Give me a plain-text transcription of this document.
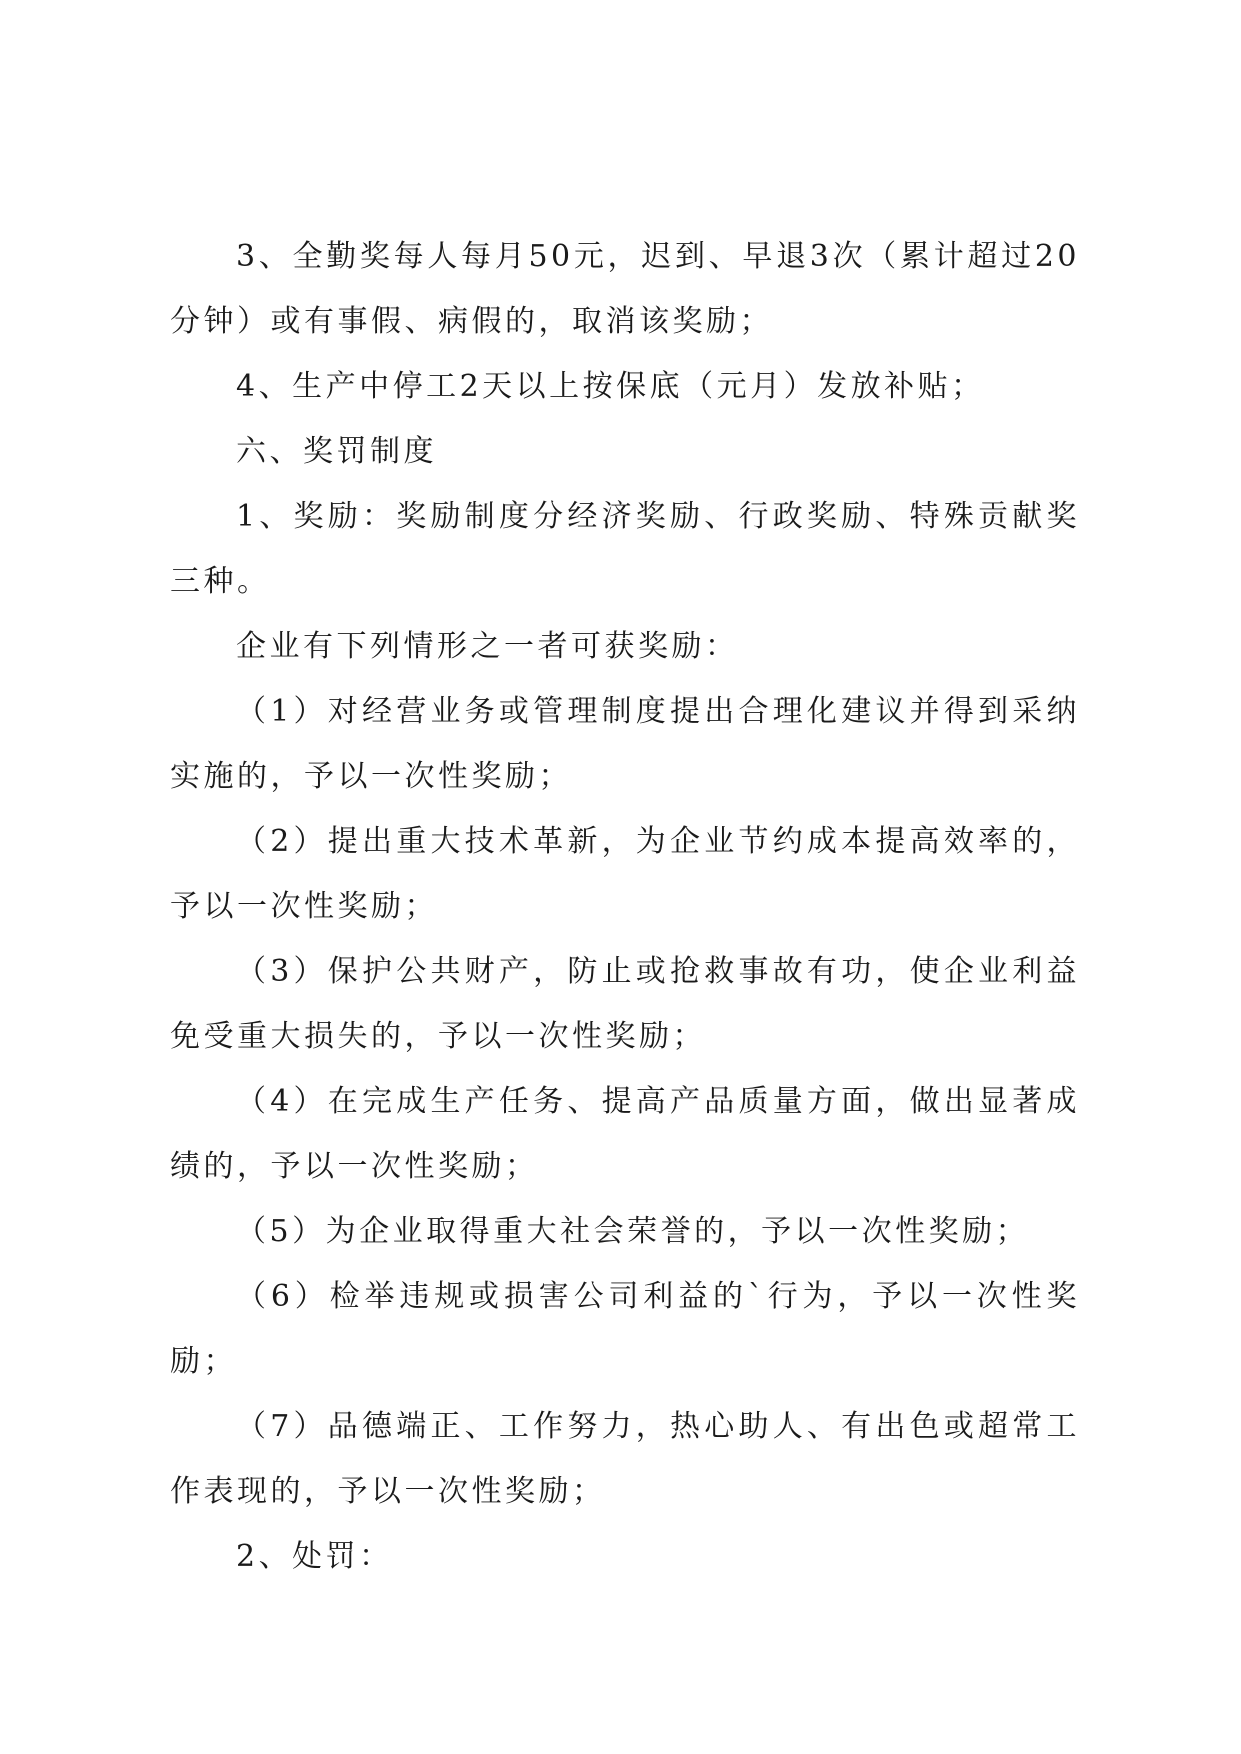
3、全勤奖每人每月50元，迟到、早退3次（累计超过20分钟）或有事假、病假的，取消该奖励；

4、生产中停工2天以上按保底（元月）发放补贴；

六、奖罚制度

1、奖励：奖励制度分经济奖励、行政奖励、特殊贡献奖三种。

企业有下列情形之一者可获奖励：

（1）对经营业务或管理制度提出合理化建议并得到采纳实施的，予以一次性奖励；

（2）提出重大技术革新，为企业节约成本提高效率的，予以一次性奖励；

（3）保护公共财产，防止或抢救事故有功，使企业利益免受重大损失的，予以一次性奖励；

（4）在完成生产任务、提高产品质量方面，做出显著成绩的，予以一次性奖励；

（5）为企业取得重大社会荣誉的，予以一次性奖励；

（6）检举违规或损害公司利益的`行为，予以一次性奖励；

（7）品德端正、工作努力，热心助人、有出色或超常工作表现的，予以一次性奖励；

2、处罚：
